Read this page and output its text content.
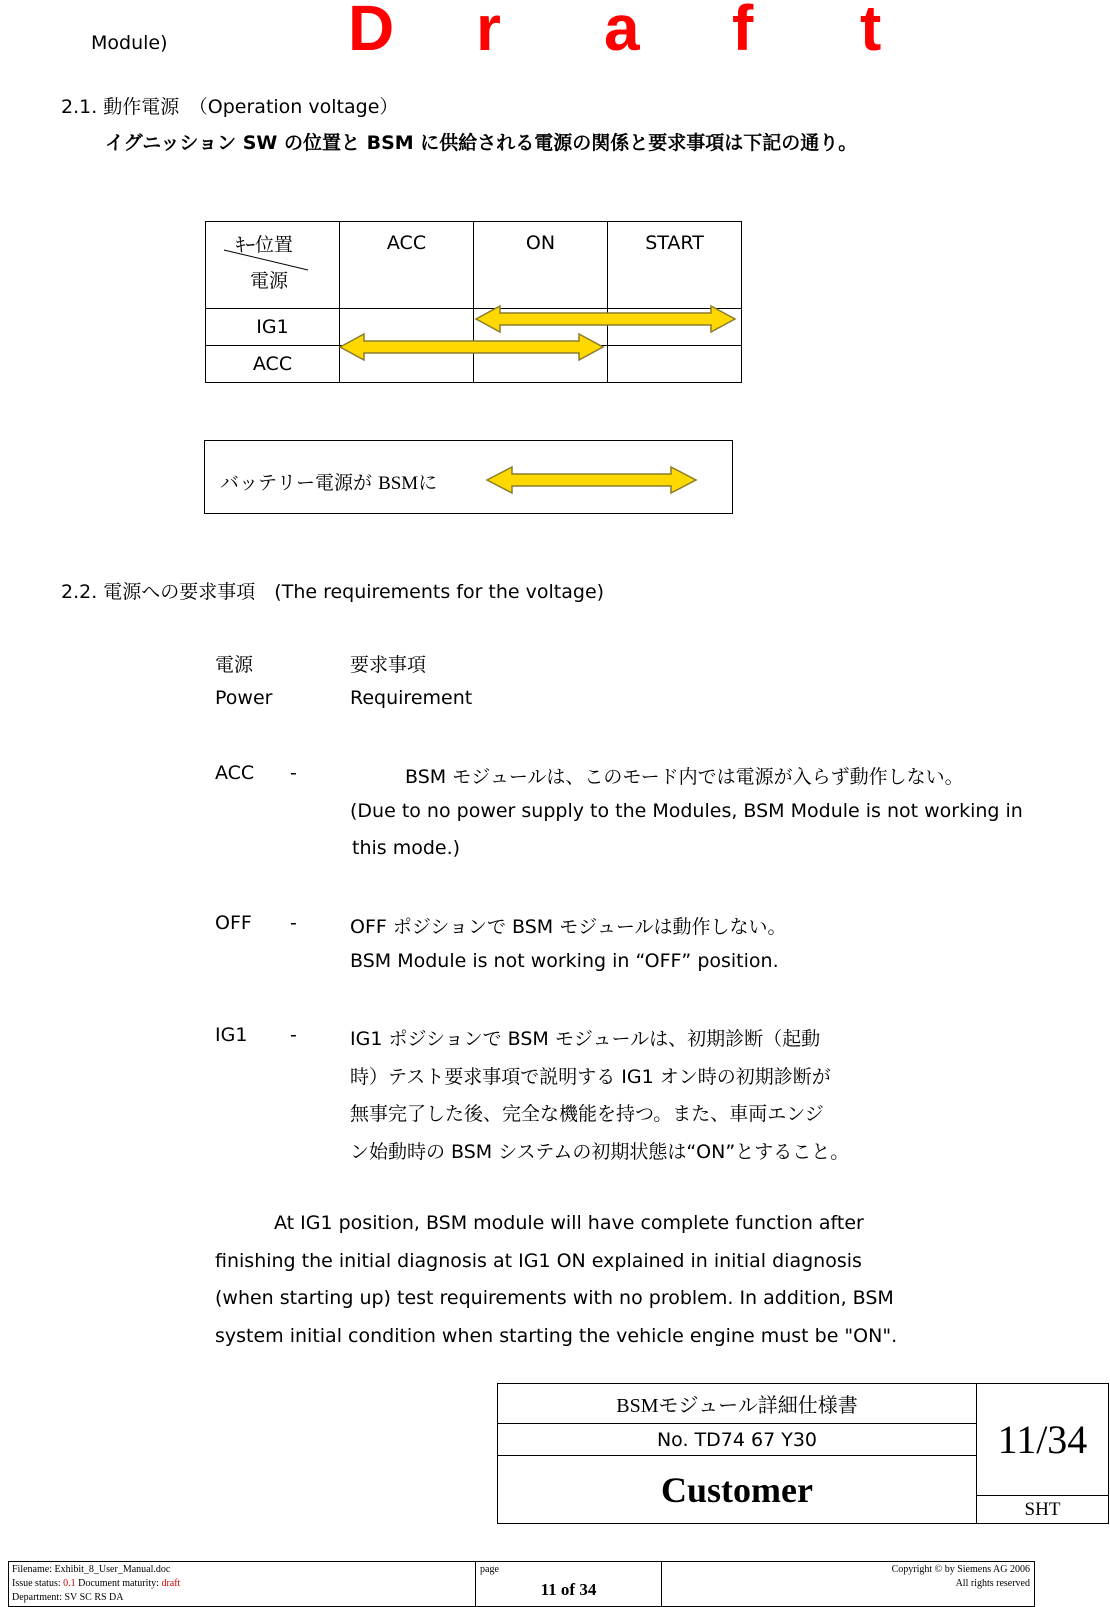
Module)	D r a f t
2.1. 動作電源　（Operation voltage）
イグニッション SW の位置と BSM に供給される電源の関係と要求事項は下記の通り。
ｷｰ位置
電源	ACC	ON	START
IG1			
ACC			
バッテリー電源が BSMに
2.2. 電源への要求事項　(The requirements for the voltage)
電源	要求事項
Power	Requirement
ACC -	BSM モジュールは、このモード内では電源が入らず動作しない。
(Due to no power supply to the Modules, BSM Module is not working in
this mode.)
OFF -	OFF ポジションで BSM モジュールは動作しない。
BSM Module is not working in “OFF” position.
IG1 -	IG1 ポジションで BSM モジュールは、初期診断（起動
時）テスト要求事項で説明する IG1 オン時の初期診断が
無事完了した後、完全な機能を持つ。また、車両エンジ
ン始動時の BSM システムの初期状態は“ON”とすること。
At IG1 position, BSM module will have complete function after
finishing the initial diagnosis at IG1 ON explained in initial diagnosis
(when starting up) test requirements with no problem. In addition, BSM
system initial condition when starting the vehicle engine must be "ON".
BSMモジュール詳細仕様書	11/34
No. TD74 67 Y30
Customer
SHT
Filename: Exhibit_8_User_Manual.doc
Issue status: 0.1 Document maturity: draft
Department: SV SC RS DA
page
11 of 34
Copyright © by Siemens AG 2006
All rights reserved
